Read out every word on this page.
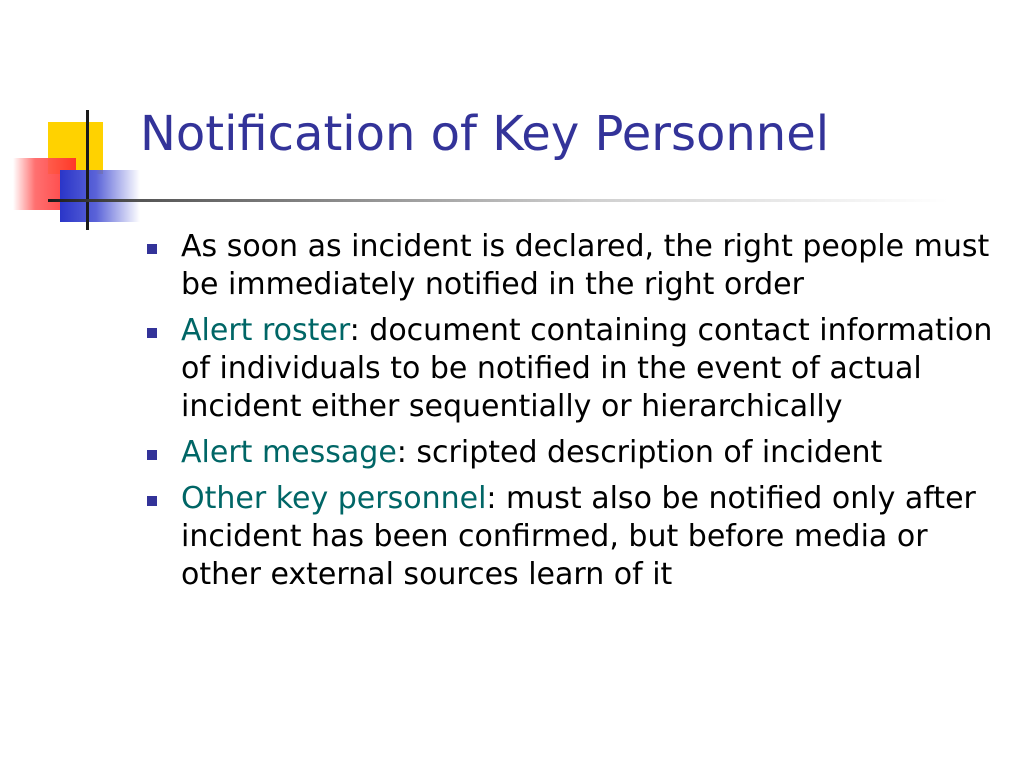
Notification of Key Personnel
As soon as incident is declared, the right people must be immediately notified in the right order
Alert roster: document containing contact information of individuals to be notified in the event of actual incident either sequentially or hierarchically
Alert message: scripted description of incident
Other key personnel: must also be notified only after incident has been confirmed, but before media or other external sources learn of it
